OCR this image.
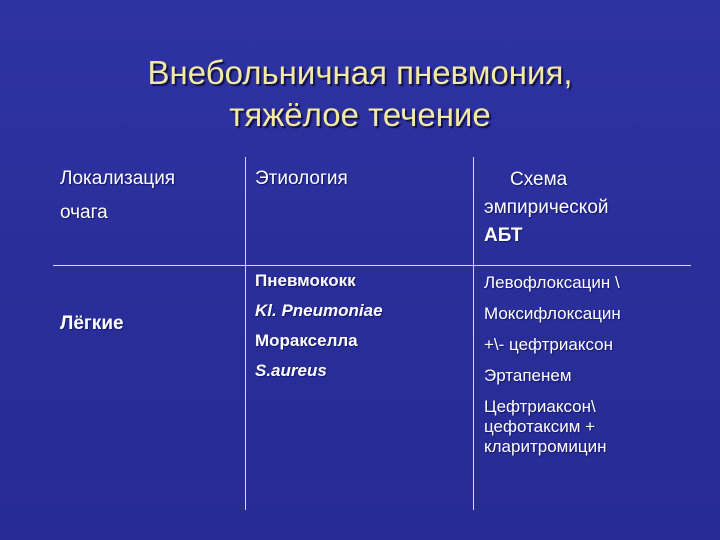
Внебольничная пневмония,
тяжёлое течение
Локализация
очага
Этиология	Схема
эмпирической
АБТ
Лёгкие
Пневмококк
Kl. Pneumoniae
Моракселла
S.aureus
Левофлоксацин \
Моксифлоксацин
+\- цефтриаксон
Эртапенем
Цефтриаксон\ цефотаксим + кларитромицин
